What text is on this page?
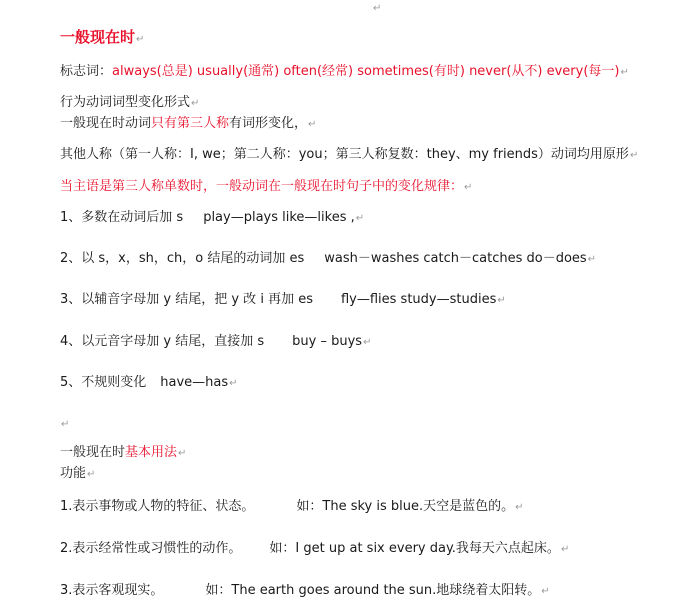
↵
一般现在时↵
标志词：always(总是) usually(通常) often(经常) sometimes(有时) never(从不) every(每一)↵
行为动词词型变化形式↵
一般现在时动词只有第三人称有词形变化，↵
其他人称（第一人称：I, we；第二人称：you；第三人称复数：they、my friends）动词均用原形↵
当主语是第三人称单数时，一般动词在一般现在时句子中的变化规律：↵
1、多数在动词后加 s play—plays like—likes ,↵
2、以 s，x，sh，ch，o 结尾的动词加 es wash－washes catch－catches do－does↵
3、以辅音字母加 y 结尾，把 y 改 i 再加 es fly—flies study—studies↵
4、以元音字母加 y 结尾，直接加 s buy – buys↵
5、不规则变化 have—has↵
↵
一般现在时基本用法↵
功能↵
1.表示事物或人物的特征、状态。	如：The sky is blue.天空是蓝色的。↵
2.表示经常性或习惯性的动作。 如：I get up at six every day.我每天六点起床。↵
3.表示客观现实。	如：The earth goes around the sun.地球绕着太阳转。↵
